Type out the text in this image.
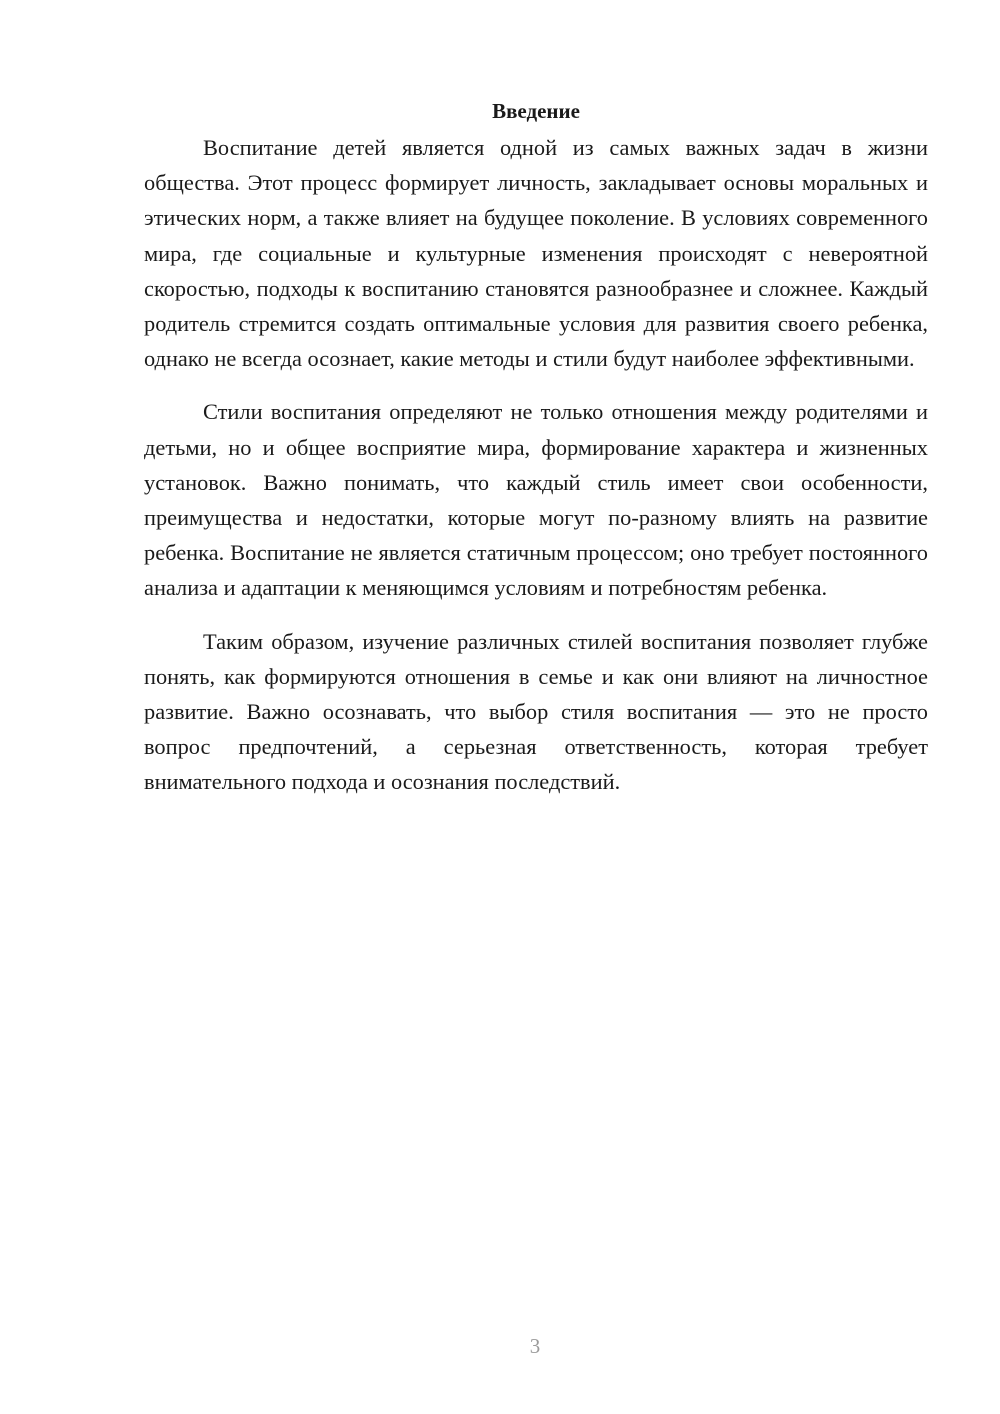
Введение

Воспитание детей является одной из самых важных задач в жизни общества. Этот процесс формирует личность, закладывает основы моральных и этических норм, а также влияет на будущее поколение. В условиях современного мира, где социальные и культурные изменения происходят с невероятной скоростью, подходы к воспитанию становятся разнообразнее и сложнее. Каждый родитель стремится создать оптимальные условия для развития своего ребенка, однако не всегда осознает, какие методы и стили будут наиболее эффективными.

Стили воспитания определяют не только отношения между родителями и детьми, но и общее восприятие мира, формирование характера и жизненных установок. Важно понимать, что каждый стиль имеет свои особенности, преимущества и недостатки, которые могут по-разному влиять на развитие ребенка. Воспитание не является статичным процессом; оно требует постоянного анализа и адаптации к меняющимся условиям и потребностям ребенка.

Таким образом, изучение различных стилей воспитания позволяет глубже понять, как формируются отношения в семье и как они влияют на личностное развитие. Важно осознавать, что выбор стиля воспитания — это не просто вопрос предпочтений, а серьезная ответственность, которая требует внимательного подхода и осознания последствий.

3
